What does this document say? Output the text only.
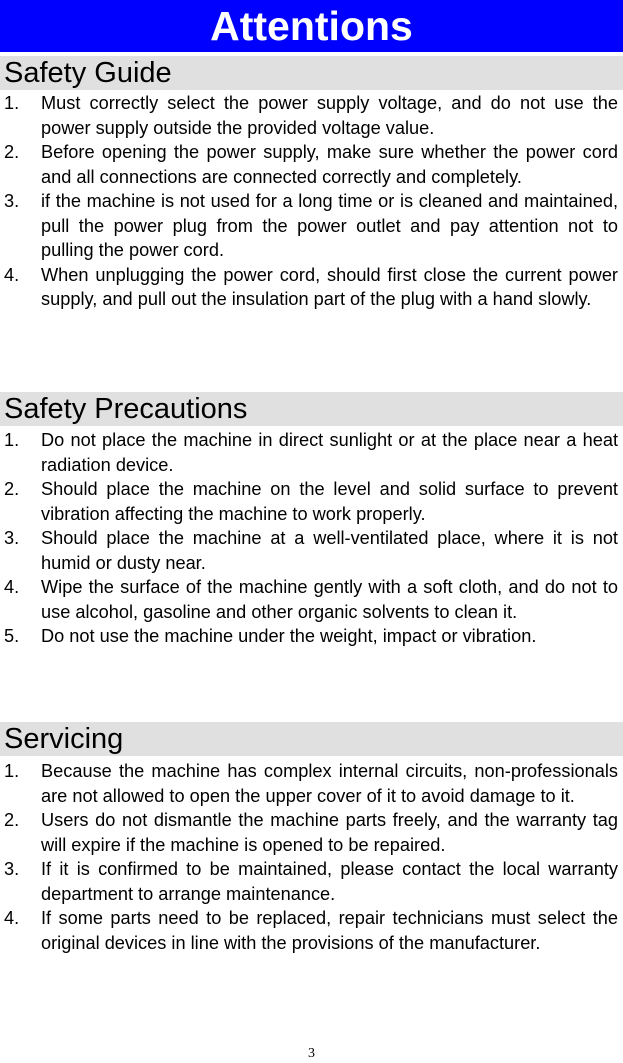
Attentions
Safety Guide
1. Must correctly select the power supply voltage, and do not use the power supply outside the provided voltage value.
2. Before opening the power supply, make sure whether the power cord and all connections are connected correctly and completely.
3. if the machine is not used for a long time or is cleaned and maintained, pull the power plug from the power outlet and pay attention not to pulling the power cord.
4. When unplugging the power cord, should first close the current power supply, and pull out the insulation part of the plug with a hand slowly.
Safety Precautions
1. Do not place the machine in direct sunlight or at the place near a heat radiation device.
2. Should place the machine on the level and solid surface to prevent vibration affecting the machine to work properly.
3. Should place the machine at a well-ventilated place, where it is not humid or dusty near.
4. Wipe the surface of the machine gently with a soft cloth, and do not to use alcohol, gasoline and other organic solvents to clean it.
5. Do not use the machine under the weight, impact or vibration.
Servicing
1. Because the machine has complex internal circuits, non-professionals are not allowed to open the upper cover of it to avoid damage to it.
2. Users do not dismantle the machine parts freely, and the warranty tag will expire if the machine is opened to be repaired.
3. If it is confirmed to be maintained, please contact the local warranty department to arrange maintenance.
4. If some parts need to be replaced, repair technicians must select the original devices in line with the provisions of the manufacturer.
3
